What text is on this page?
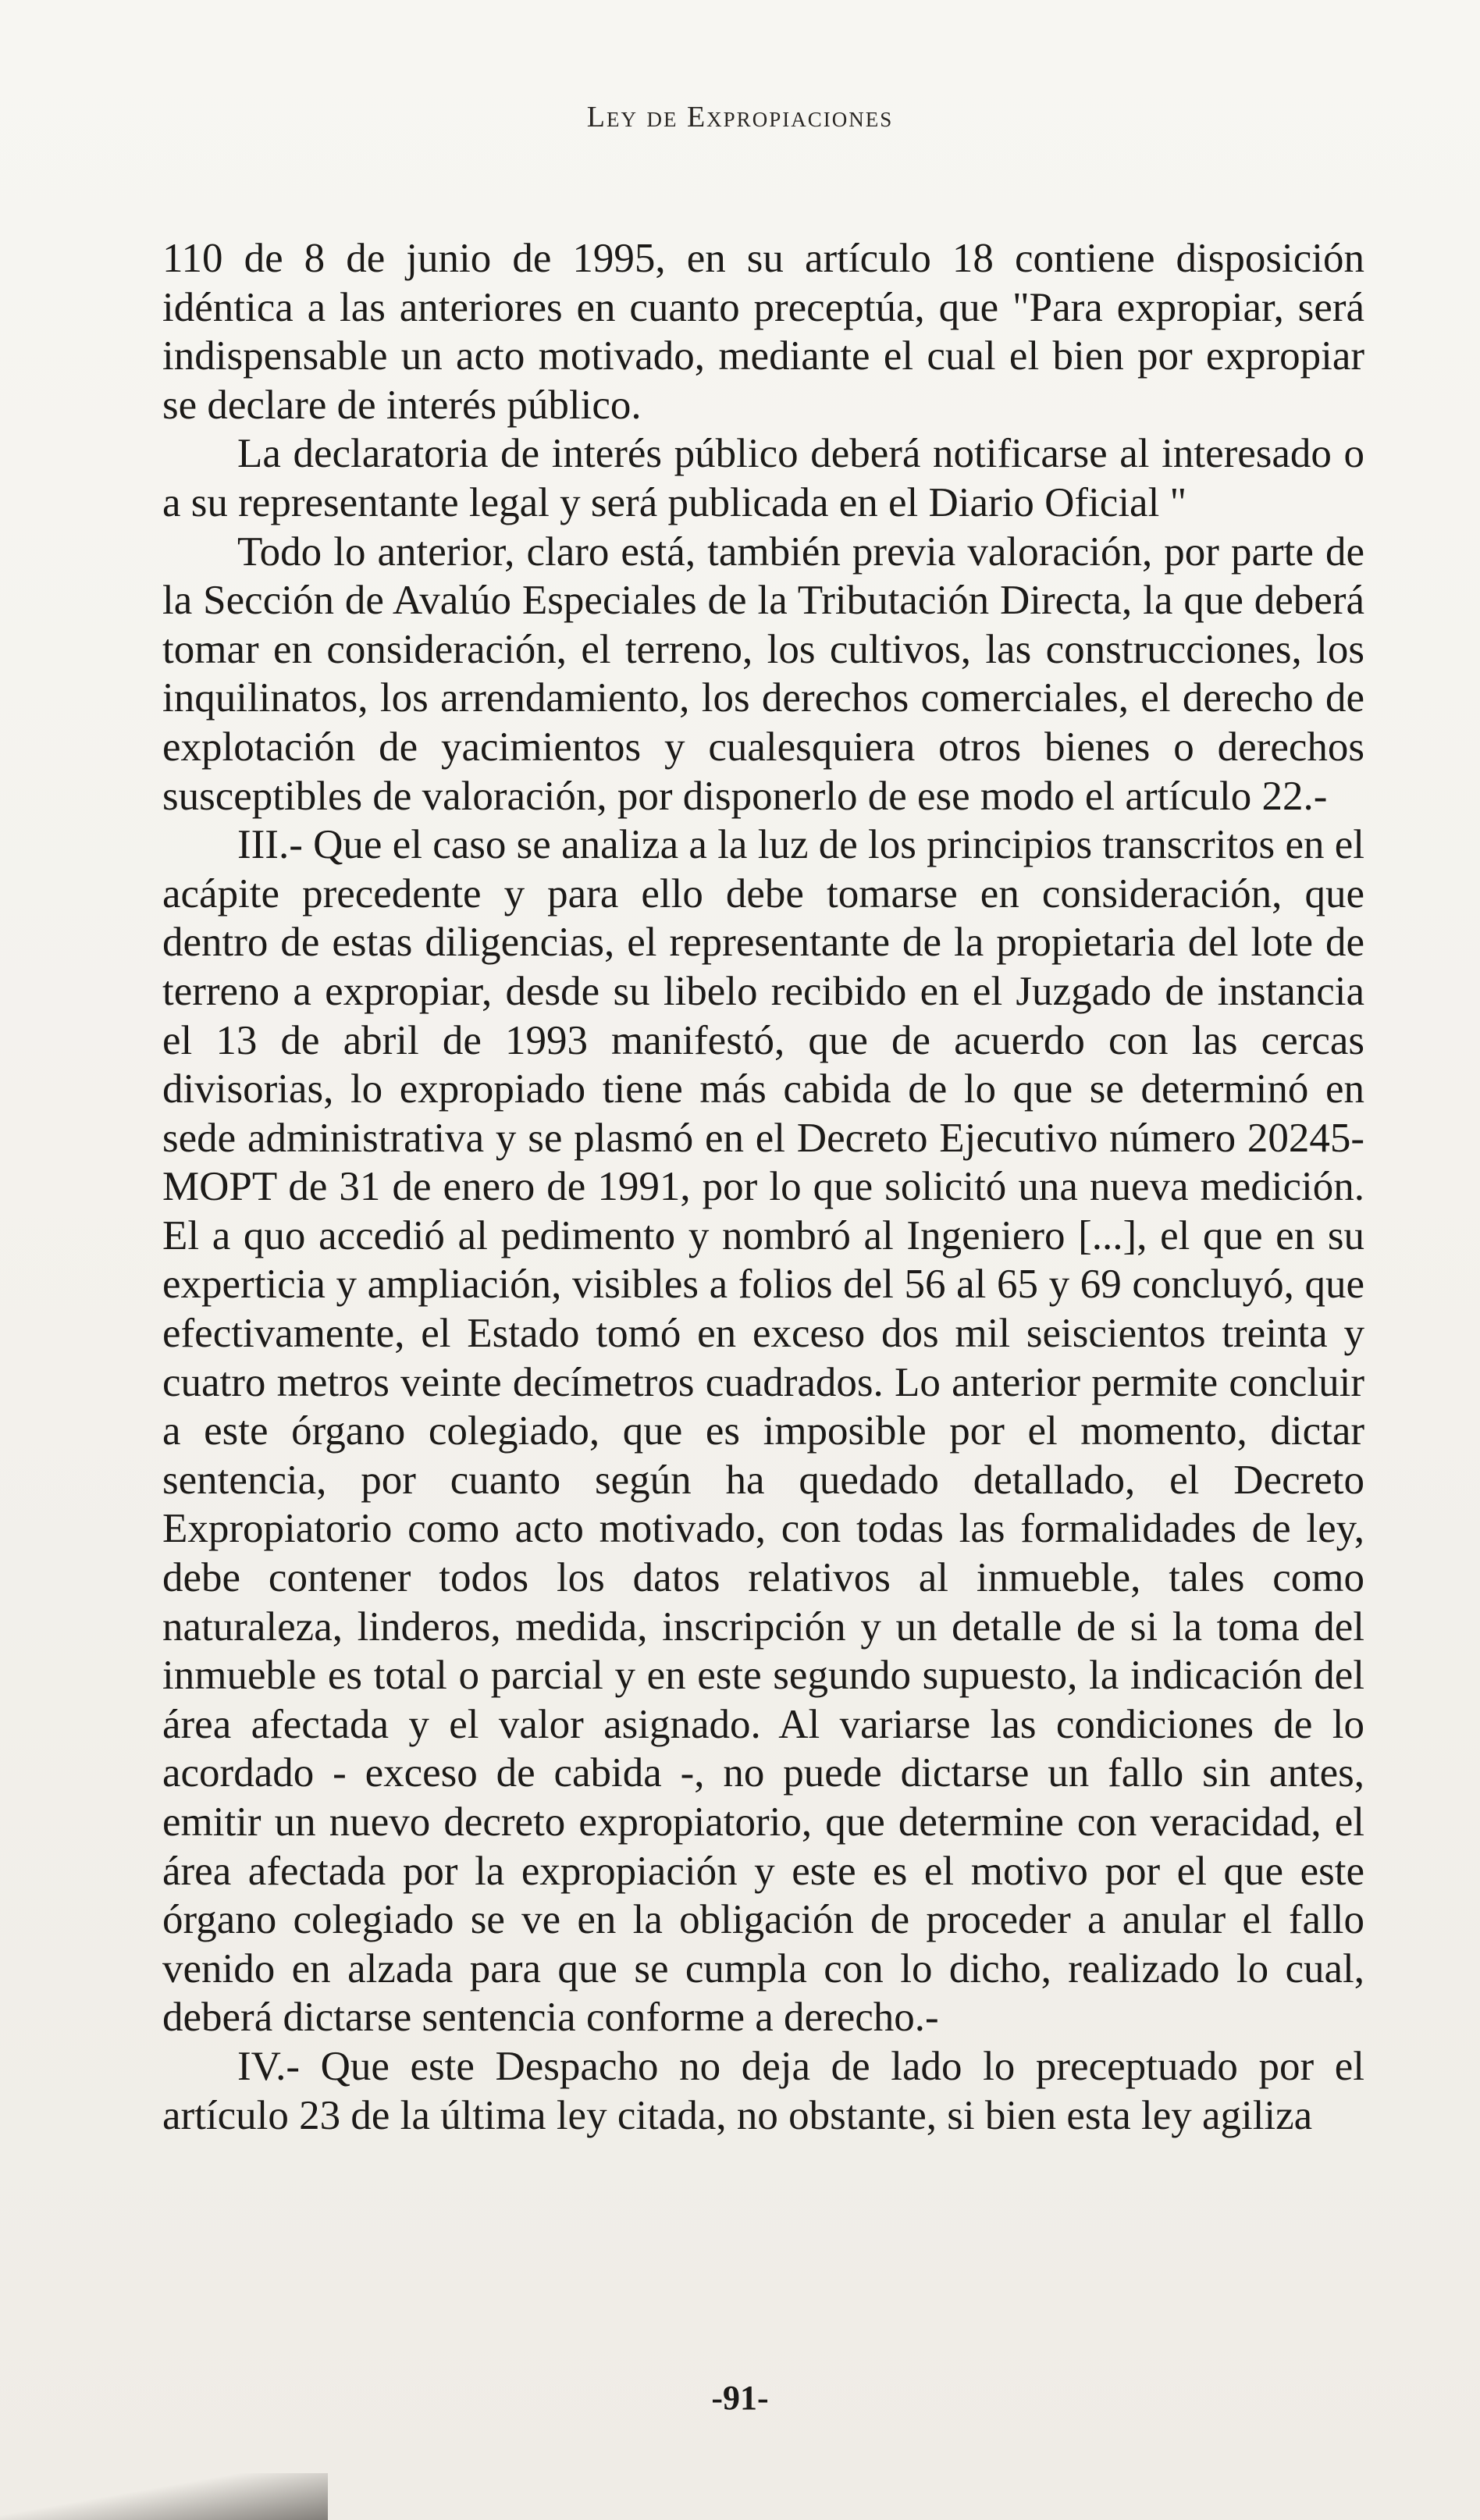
Ley de Expropiaciones

110 de 8 de junio de 1995, en su artículo 18 contiene disposición idéntica a las anteriores en cuanto preceptúa, que "Para expropiar, será indispensable un acto motivado, mediante el cual el bien por expropiar se declare de interés público.

La declaratoria de interés público deberá notificarse al interesado o a su representante legal y será publicada en el Diario Oficial "

Todo lo anterior, claro está, también previa valoración, por parte de la Sección de Avalúo Especiales de la Tributación Directa, la que deberá tomar en consideración, el terreno, los cultivos, las construcciones, los inquilinatos, los arrendamiento, los derechos comerciales, el derecho de explotación de yacimientos y cualesquiera otros bienes o derechos susceptibles de valoración, por disponerlo de ese modo el artículo 22.-

III.- Que el caso se analiza a la luz de los principios transcritos en el acápite precedente y para ello debe tomarse en consideración, que dentro de estas diligencias, el representante de la propietaria del lote de terreno a expropiar, desde su libelo recibido en el Juzgado de instancia el 13 de abril de 1993 manifestó, que de acuerdo con las cercas divisorias, lo expropiado tiene más cabida de lo que se determinó en sede administrativa y se plasmó en el Decreto Ejecutivo número 20245-MOPT de 31 de enero de 1991, por lo que solicitó una nueva medición. El a quo accedió al pedimento y nombró al Ingeniero [...], el que en su experticia y ampliación, visibles a folios del 56 al 65 y 69 concluyó, que efectivamente, el Estado tomó en exceso dos mil seiscientos treinta y cuatro metros veinte decímetros cuadrados. Lo anterior permite concluir a este órgano colegiado, que es imposible por el momento, dictar sentencia, por cuanto según ha quedado detallado, el Decreto Expropiatorio como acto motivado, con todas las formalidades de ley, debe contener todos los datos relativos al inmueble, tales como naturaleza, linderos, medida, inscripción y un detalle de si la toma del inmueble es total o parcial y en este segundo supuesto, la indicación del área afectada y el valor asignado. Al variarse las condiciones de lo acordado - exceso de cabida -, no puede dictarse un fallo sin antes, emitir un nuevo decreto expropiatorio, que determine con veracidad, el área afectada por la expropiación y este es el motivo por el que este órgano colegiado se ve en la obligación de proceder a anular el fallo venido en alzada para que se cumpla con lo dicho, realizado lo cual, deberá dictarse sentencia conforme a derecho.-

IV.- Que este Despacho no deja de lado lo preceptuado por el artículo 23 de la última ley citada, no obstante, si bien esta ley agiliza

-91-
